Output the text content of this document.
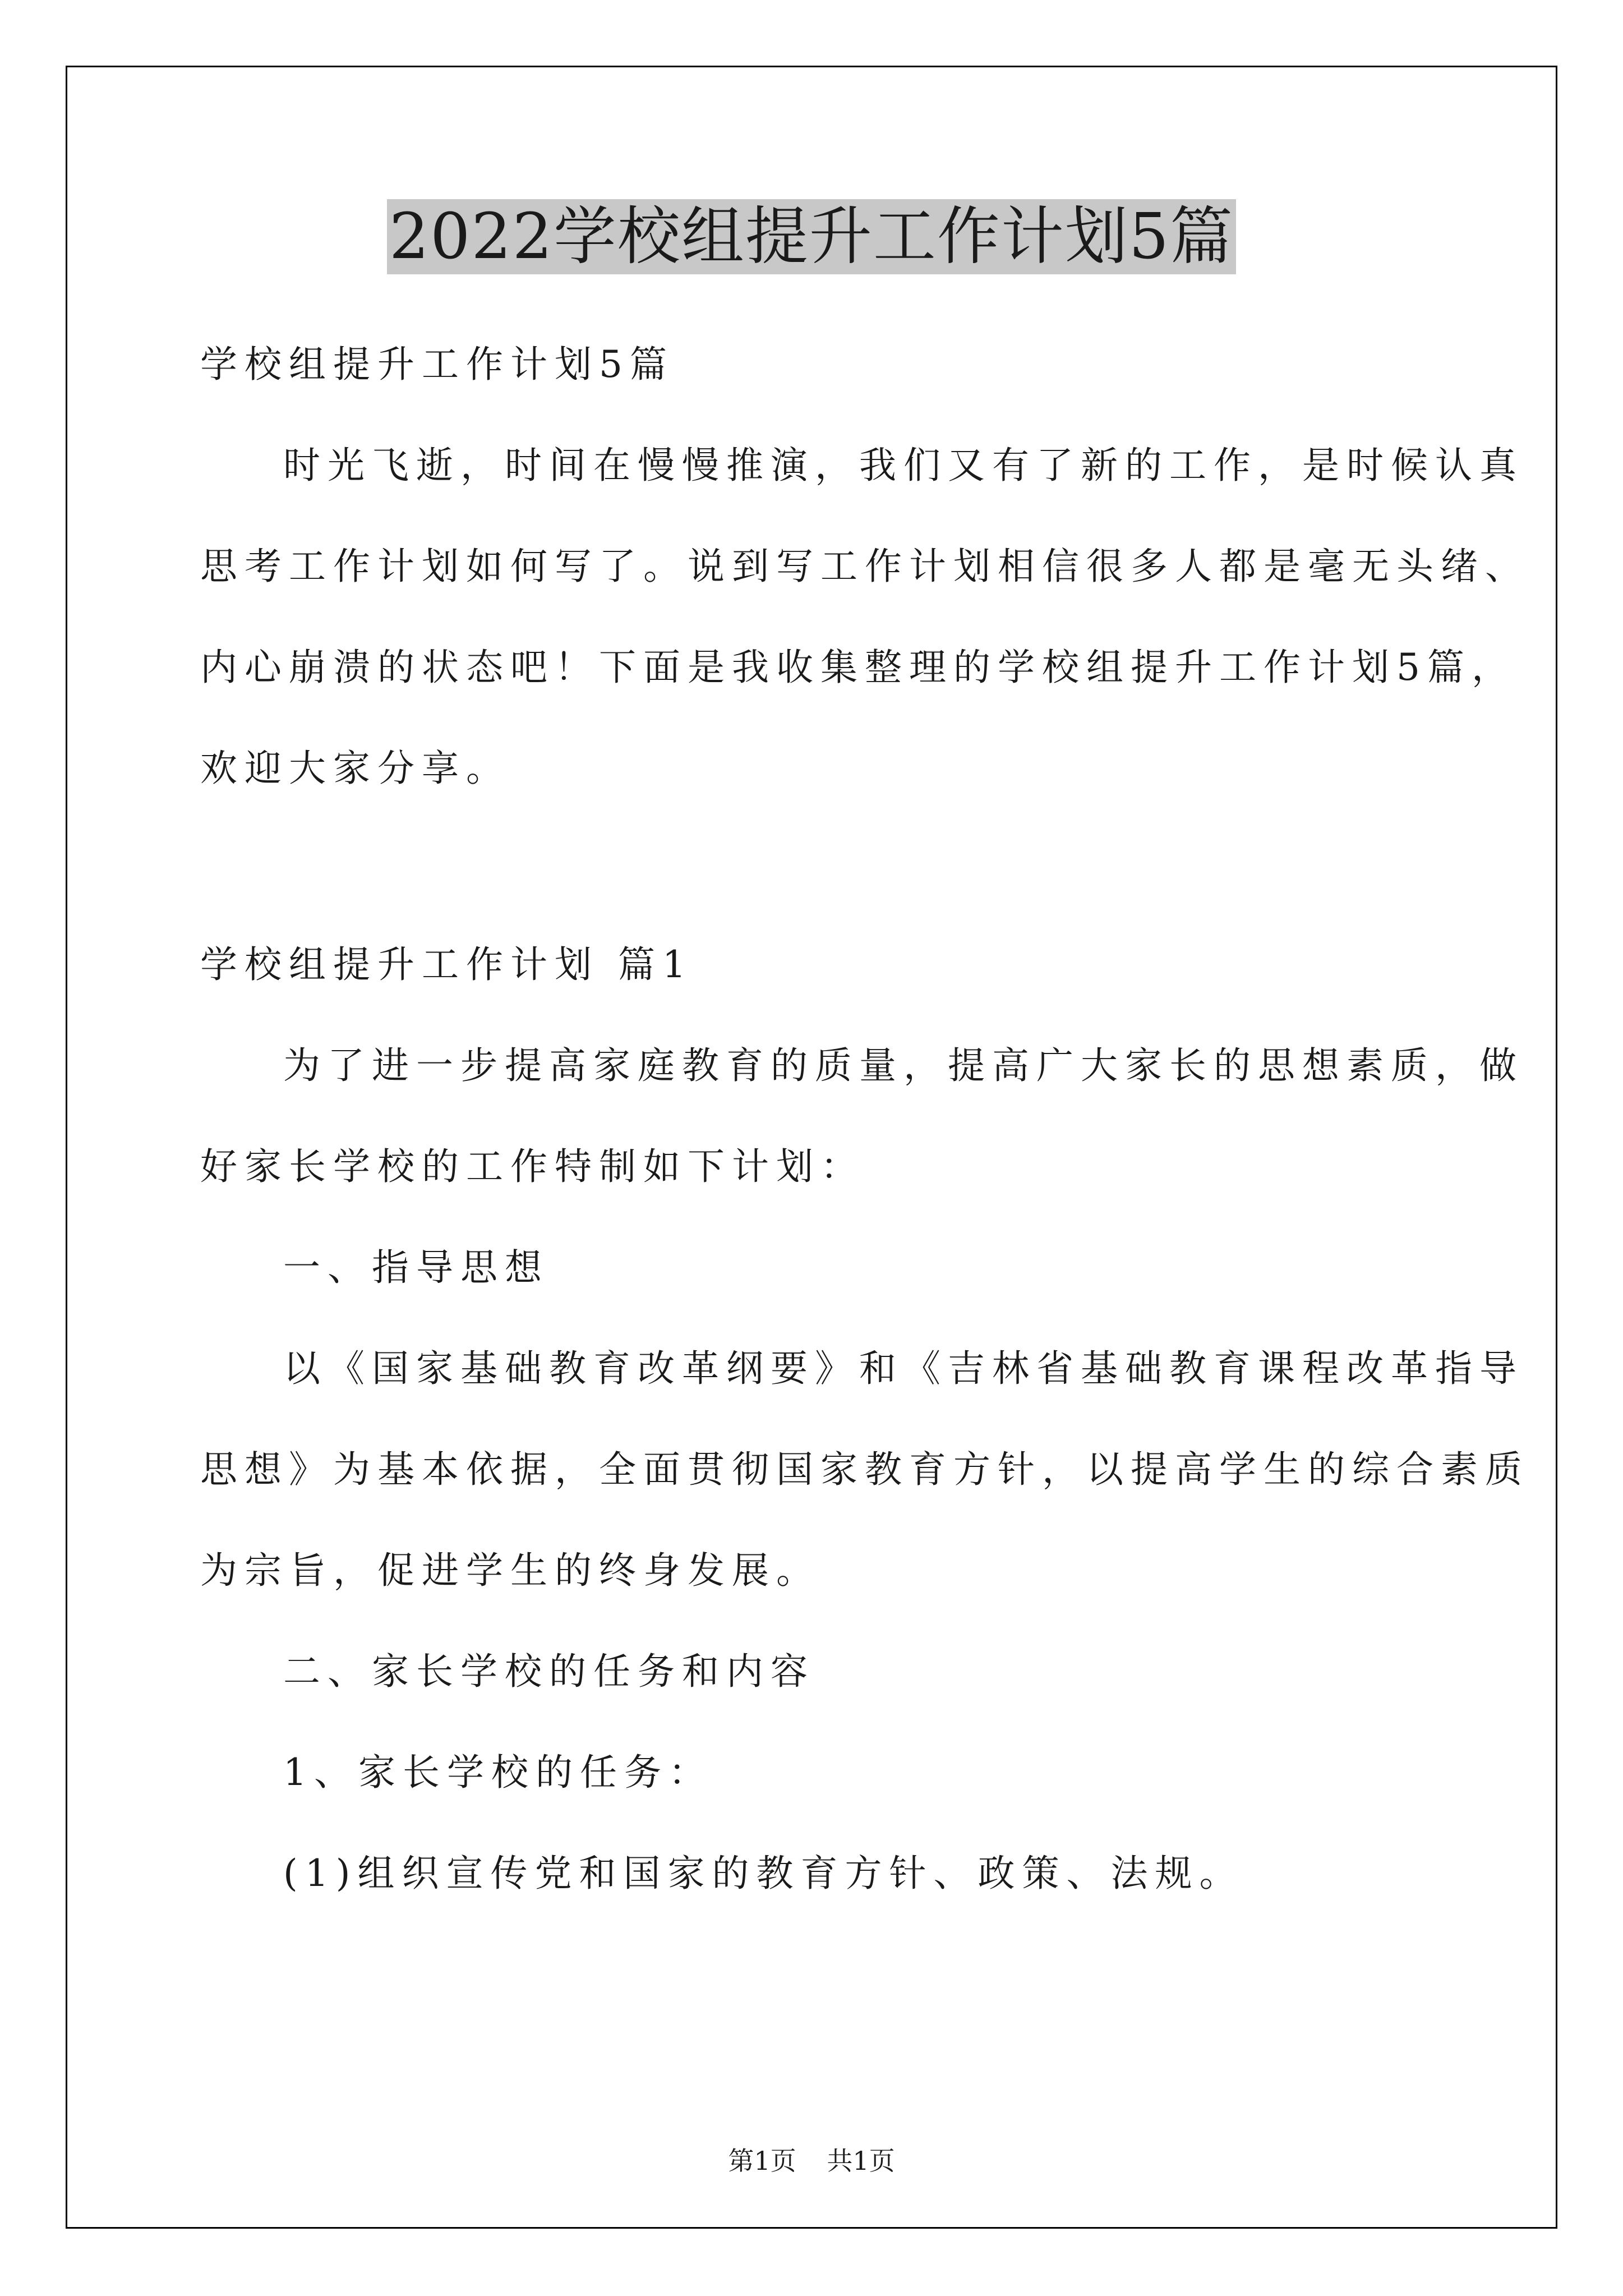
2022学校组提升工作计划5篇

学校组提升工作计划5篇

时光飞逝，时间在慢慢推演，我们又有了新的工作，是时候认真

思考工作计划如何写了。说到写工作计划相信很多人都是毫无头绪、

内心崩溃的状态吧！下面是我收集整理的学校组提升工作计划5篇，

欢迎大家分享。

学校组提升工作计划 篇1

为了进一步提高家庭教育的质量，提高广大家长的思想素质，做

好家长学校的工作特制如下计划：

一、指导思想

以《国家基础教育改革纲要》和《吉林省基础教育课程改革指导

思想》为基本依据，全面贯彻国家教育方针，以提高学生的综合素质

为宗旨，促进学生的终身发展。

二、家长学校的任务和内容

1、家长学校的任务：

(1)组织宣传党和国家的教育方针、政策、法规。

第1页 共1页
